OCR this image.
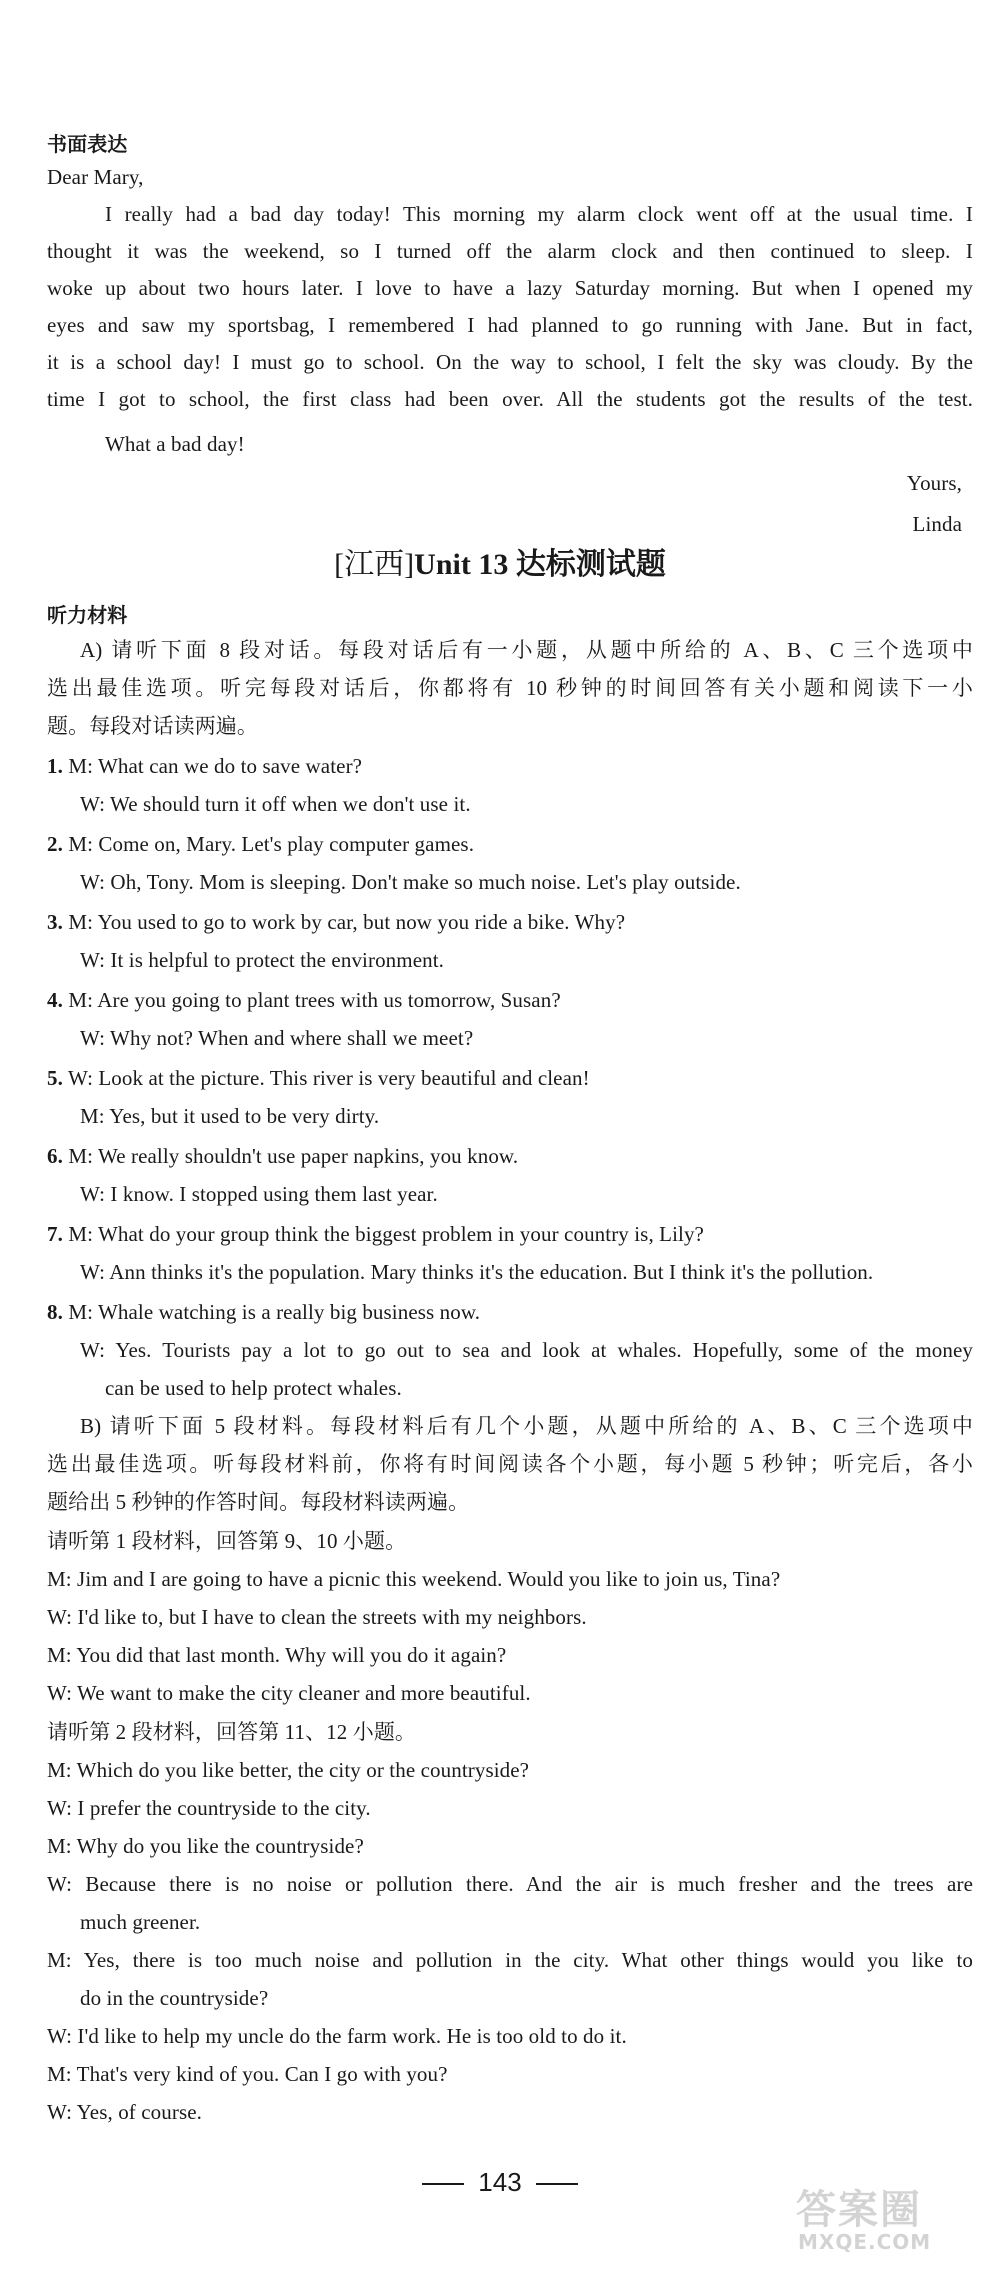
书面表达
Dear Mary,
I really had a bad day today! This morning my alarm clock went off at the usual time. I
thought it was the weekend, so I turned off the alarm clock and then continued to sleep. I
woke up about two hours later. I love to have a lazy Saturday morning. But when I opened my
eyes and saw my sportsbag, I remembered I had planned to go running with Jane. But in fact,
it is a school day! I must go to school. On the way to school, I felt the sky was cloudy. By the
time I got to school, the first class had been over. All the students got the results of the test.
What a bad day!
Yours,
Linda
[江西]Unit 13 达标测试题
听力材料
A) 请听下面 8 段对话。每段对话后有一小题，从题中所给的 A、B、C 三个选项中
选出最佳选项。听完每段对话后，你都将有 10 秒钟的时间回答有关小题和阅读下一小
题。每段对话读两遍。
1. M: What can we do to save water?
W: We should turn it off when we don't use it.
2. M: Come on, Mary. Let's play computer games.
W: Oh, Tony. Mom is sleeping. Don't make so much noise. Let's play outside.
3. M: You used to go to work by car, but now you ride a bike. Why?
W: It is helpful to protect the environment.
4. M: Are you going to plant trees with us tomorrow, Susan?
W: Why not? When and where shall we meet?
5. W: Look at the picture. This river is very beautiful and clean!
M: Yes, but it used to be very dirty.
6. M: We really shouldn't use paper napkins, you know.
W: I know. I stopped using them last year.
7. M: What do your group think the biggest problem in your country is, Lily?
W: Ann thinks it's the population. Mary thinks it's the education. But I think it's the pollution.
8. M: Whale watching is a really big business now.
W: Yes. Tourists pay a lot to go out to sea and look at whales. Hopefully, some of the money
can be used to help protect whales.
B) 请听下面 5 段材料。每段材料后有几个小题，从题中所给的 A、B、C 三个选项中
选出最佳选项。听每段材料前，你将有时间阅读各个小题，每小题 5 秒钟；听完后，各小
题给出 5 秒钟的作答时间。每段材料读两遍。
请听第 1 段材料，回答第 9、10 小题。
M: Jim and I are going to have a picnic this weekend. Would you like to join us, Tina?
W: I'd like to, but I have to clean the streets with my neighbors.
M: You did that last month. Why will you do it again?
W: We want to make the city cleaner and more beautiful.
请听第 2 段材料，回答第 11、12 小题。
M: Which do you like better, the city or the countryside?
W: I prefer the countryside to the city.
M: Why do you like the countryside?
W: Because there is no noise or pollution there. And the air is much fresher and the trees are
much greener.
M: Yes, there is too much noise and pollution in the city. What other things would you like to
do in the countryside?
W: I'd like to help my uncle do the farm work. He is too old to do it.
M: That's very kind of you. Can I go with you?
W: Yes, of course.
143
答案圈
MXQE.COM
